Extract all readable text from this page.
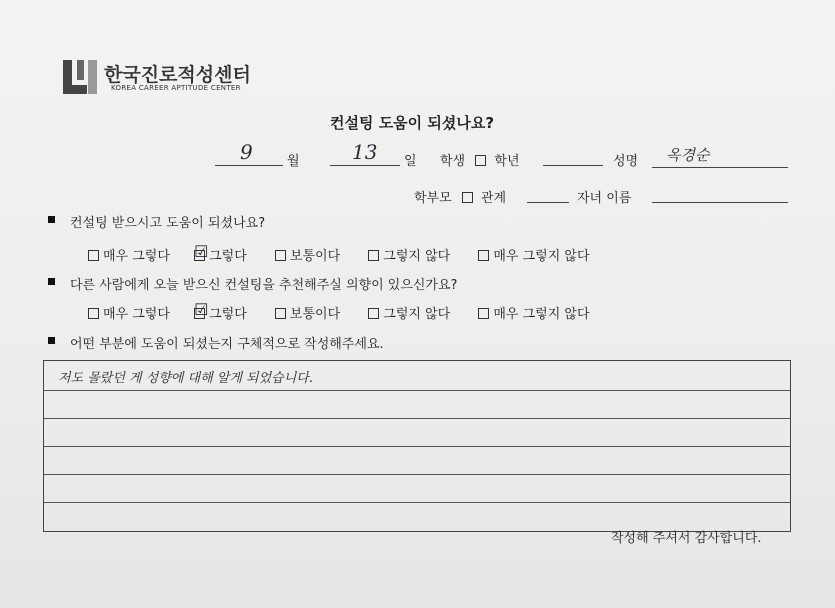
한국진로적성센터
KOREA CAREER APTITUDE CENTER
컨설팅 도움이 되셨나요?
9	월	13 일 학생 학년	성명 옥경순
학부모 관계	자녀 이름
컨설팅 받으시고 도움이 되셨나요?
매우 그렇다 ☑ 그렇다	보통이다	그렇지 않다	매우 그렇지 않다
다른 사람에게 오늘 받으신 컨설팅을 추천해주실 의향이 있으신가요?
매우 그렇다 ☑ 그렇다	보통이다	그렇지 않다	매우 그렇지 않다
어떤 부분에 도움이 되셨는지 구체적으로 작성해주세요.
저도 몰랐던 게 성향에 대해 알게 되었습니다.
작성해 주셔서 감사합니다.
